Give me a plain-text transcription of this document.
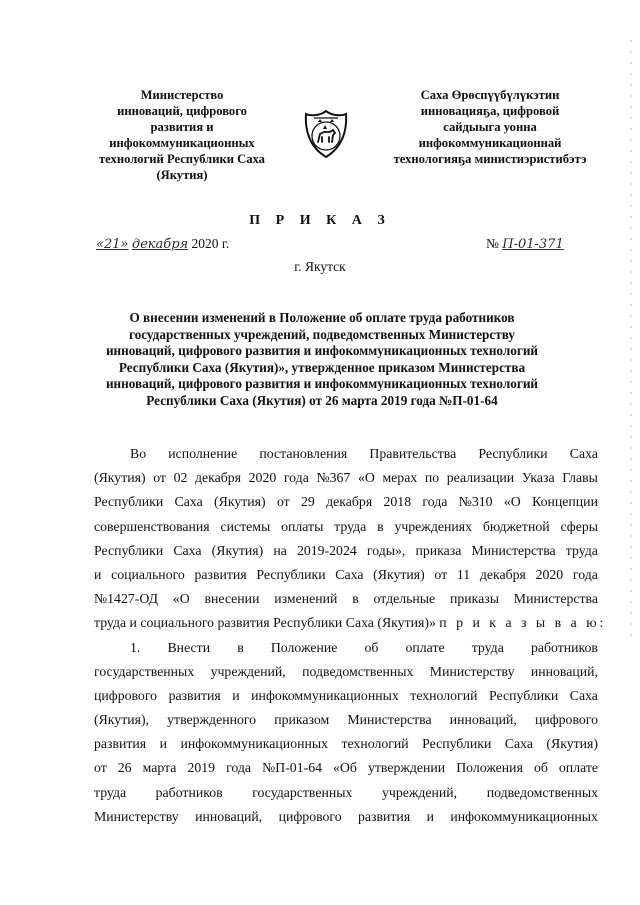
Министерство
инноваций, цифрового
развития и
инфокоммуникационных
технологий Республики Саха
(Якутия)
Саха Өрөспүүбүлүкэтин
инновацияҕа, цифровой
сайдыыга уонна
инфокоммуникационнай
технологияҕа министиэристибэтэ
П Р И К А З
«21» декабря 2020 г.	№ П-01-371
г. Якутск
О внесении изменений в Положение об оплате труда работников
государственных учреждений, подведомственных Министерству
инноваций, цифрового развития и инфокоммуникационных технологий
Республики Саха (Якутия)», утвержденное приказом Министерства
инноваций, цифрового развития и инфокоммуникационных технологий
Республики Саха (Якутия) от 26 марта 2019 года №П-01-64
Во исполнение постановления Правительства Республики Саха
(Якутия) от 02 декабря 2020 года №367 «О мерах по реализации Указа Главы
Республики Саха (Якутия) от 29 декабря 2018 года №310 «О Концепции
совершенствования системы оплаты труда в учреждениях бюджетной сферы
Республики Саха (Якутия) на 2019-2024 годы», приказа Министерства труда
и социального развития Республики Саха (Якутия) от 11 декабря 2020 года
№1427-ОД «О внесении изменений в отдельные приказы Министерства
труда и социального развития Республики Саха (Якутия)»
п р и к а з ы в а ю:
1. Внести в Положение об оплате труда работников
государственных учреждений, подведомственных Министерству инноваций,
цифрового развития и инфокоммуникационных технологий Республики Саха
(Якутия), утвержденного приказом Министерства инноваций, цифрового
развития и инфокоммуникационных технологий Республики Саха (Якутия)
от 26 марта 2019 года №П-01-64 «Об утверждении Положения об оплате
труда работников государственных учреждений, подведомственных
Министерству инноваций, цифрового развития и инфокоммуникационных
